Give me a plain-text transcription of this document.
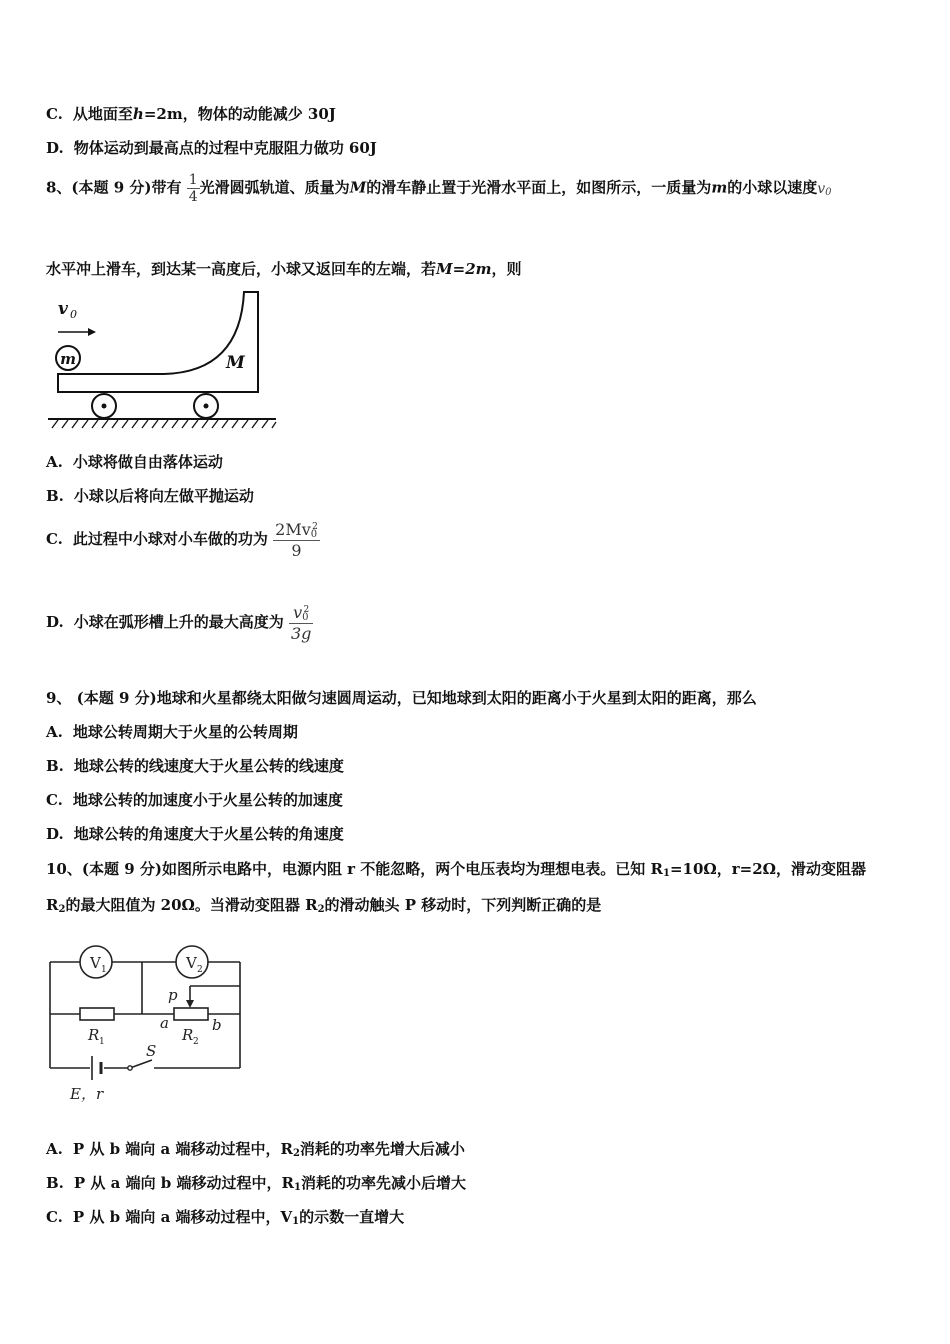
C. 从地面至h=2m，物体的动能减少 30J
D. 物体运动到最高点的过程中克服阻力做功 60J
8、(本题 9 分)带有 $\frac{1}{4}$ 光滑圆弧轨道、质量为M的滑车静止置于光滑水平面上，如图所示，一质量为m的小球以速度$v_0$
水平冲上滑车，到达某一高度后，小球又返回车的左端，若M=2m，则
v 0
m	M
A. 小球将做自由落体运动
B. 小球以后将向左做平抛运动
C. 此过程中小球对小车做的功为 $\frac{2Mv_0^2}{9}$
D. 小球在弧形槽上升的最大高度为 $\frac{v_0^2}{3g}$
9、 (本题 9 分)地球和火星都绕太阳做匀速圆周运动，已知地球到太阳的距离小于火星到太阳的距离，那么
A. 地球公转周期大于火星的公转周期
B. 地球公转的线速度大于火星公转的线速度
C. 地球公转的加速度小于火星公转的加速度
D. 地球公转的角速度大于火星公转的角速度
10、(本题 9 分)如图所示电路中，电源内阻 r 不能忽略，两个电压表均为理想电表。已知 $R_1=10\Omega$，r=2Ω，滑动变阻器
$R_2$的最大阻值为 20Ω。当滑动变阻器 $R_2$的滑动触头 P 移动时，下列判断正确的是
V 1	V 2
p
R 1
a
R 2
b
S
E，r
A. P 从 b 端向 a 端移动过程中，$R_2$消耗的功率先增大后减小
B. P 从 a 端向 b 端移动过程中，$R_1$消耗的功率先减小后增大
C. P 从 b 端向 a 端移动过程中，$V_1$的示数一直增大
